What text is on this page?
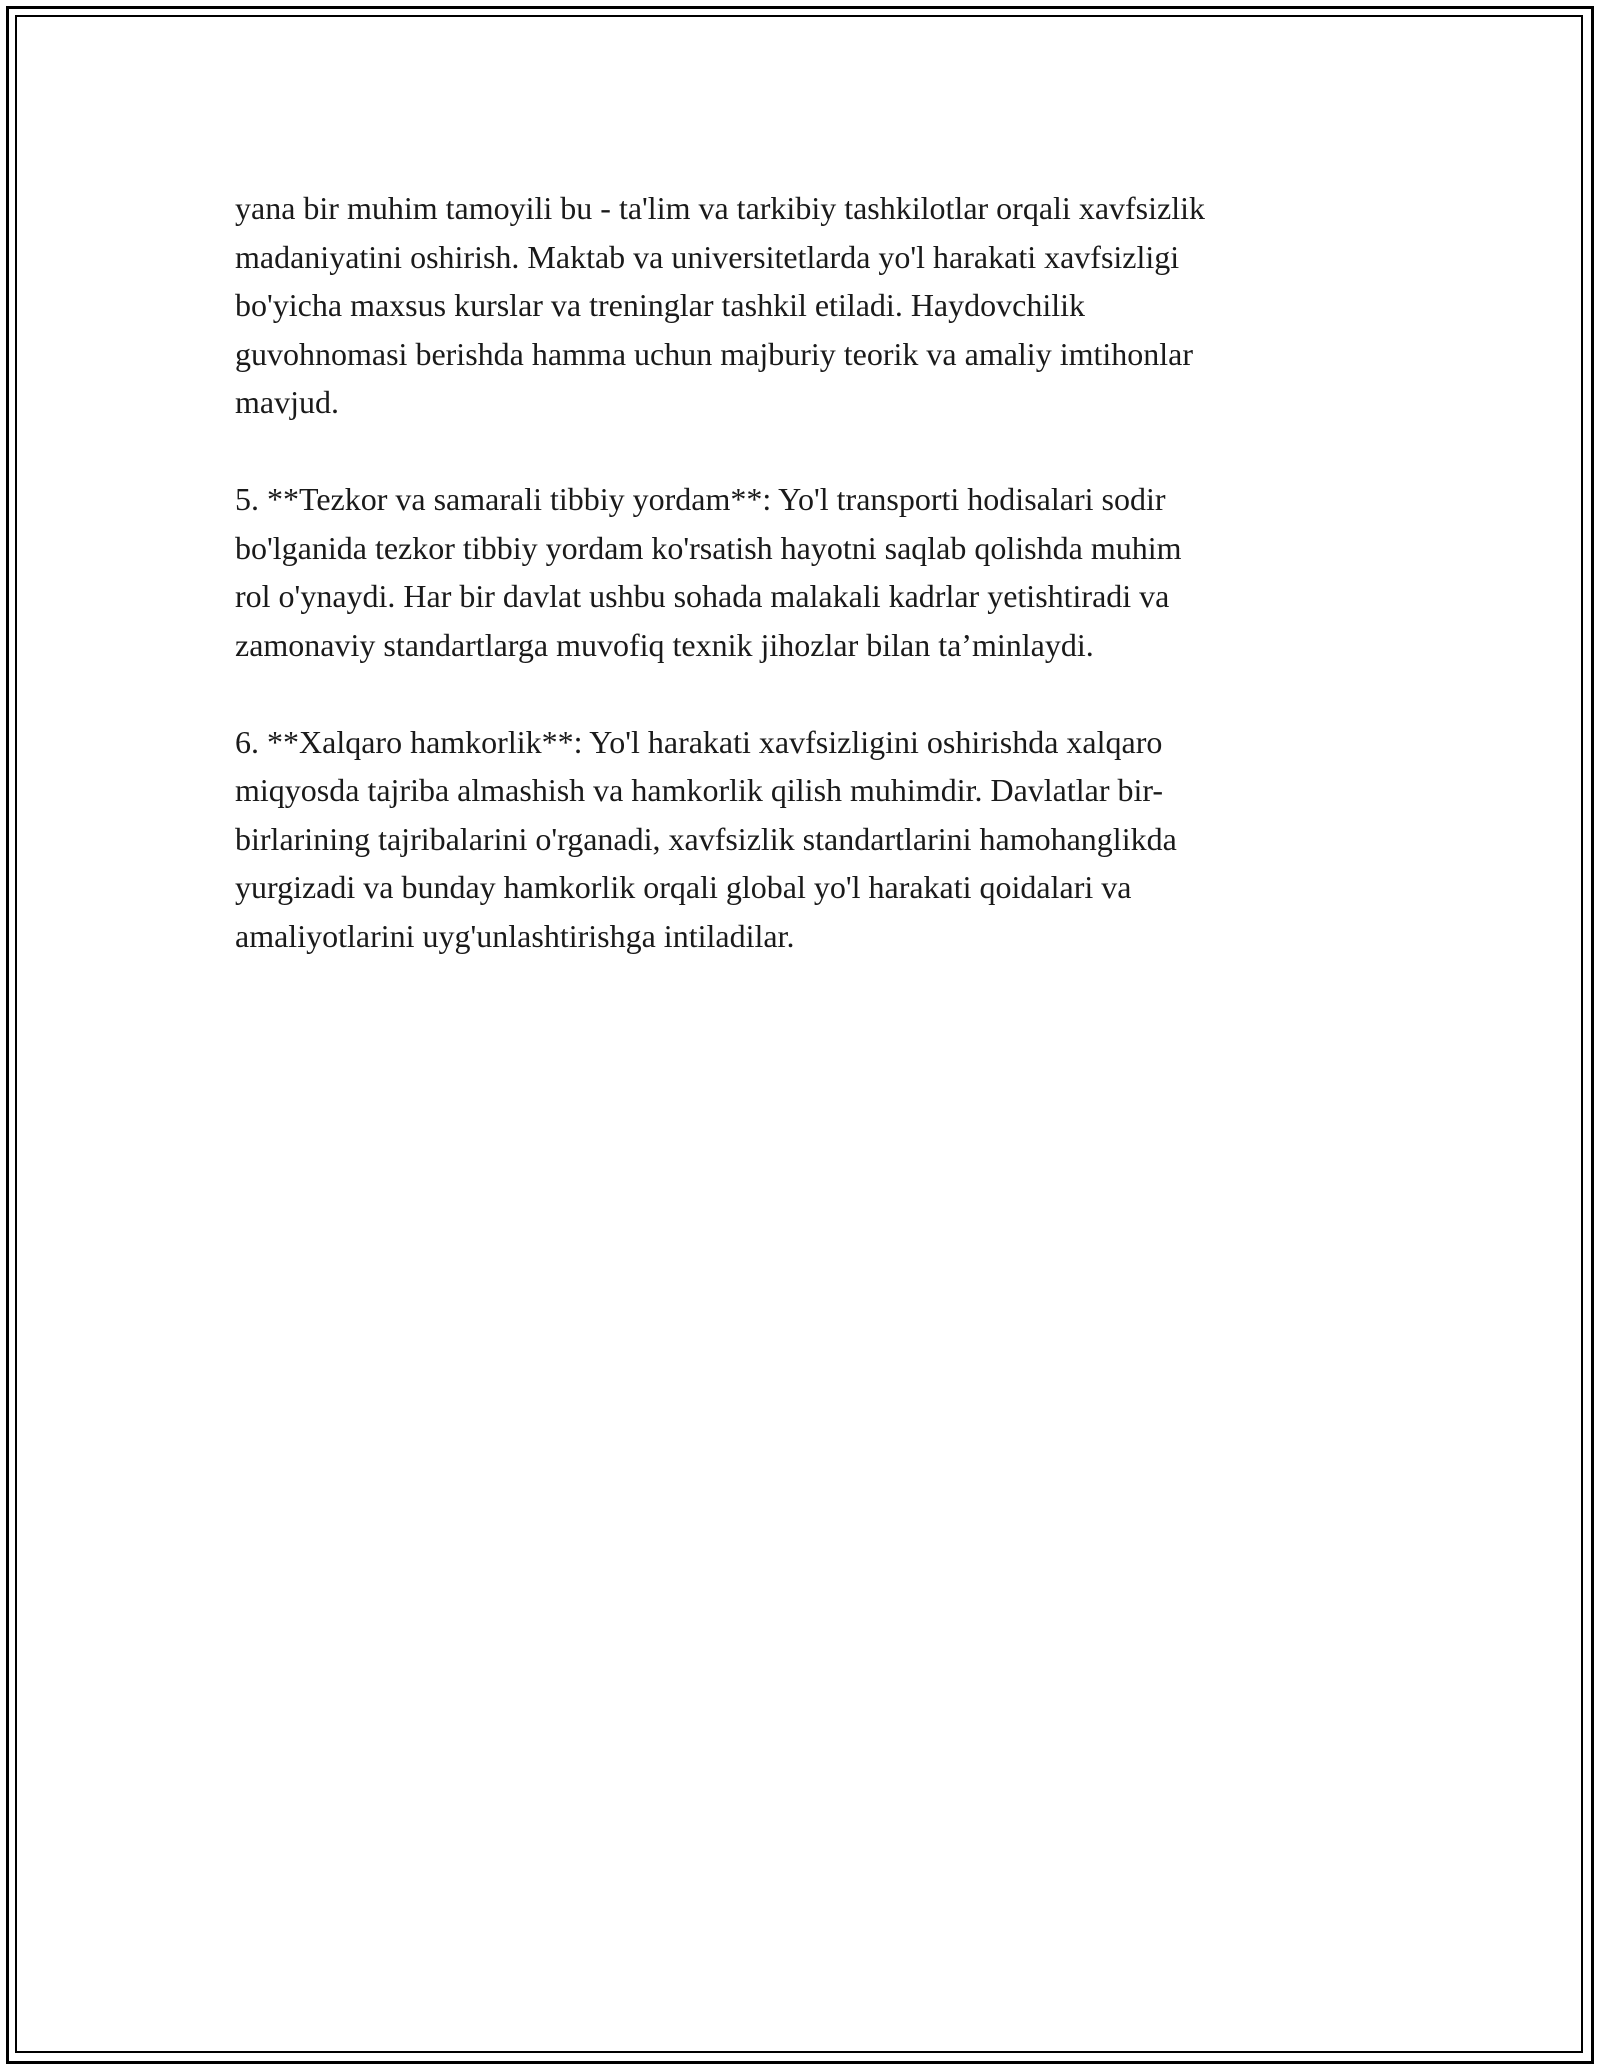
yana bir muhim tamoyili bu - ta'lim va tarkibiy tashkilotlar orqali xavfsizlik
madaniyatini oshirish. Maktab va universitetlarda yo'l harakati xavfsizligi
bo'yicha maxsus kurslar va treninglar tashkil etiladi. Haydovchilik
guvohnomasi berishda hamma uchun majburiy teorik va amaliy imtihonlar
mavjud.

5. **Tezkor va samarali tibbiy yordam**: Yo'l transporti hodisalari sodir
bo'lganida tezkor tibbiy yordam ko'rsatish hayotni saqlab qolishda muhim
rol o'ynaydi. Har bir davlat ushbu sohada malakali kadrlar yetishtiradi va
zamonaviy standartlarga muvofiq texnik jihozlar bilan ta’minlaydi.

6. **Xalqaro hamkorlik**: Yo'l harakati xavfsizligini oshirishda xalqaro
miqyosda tajriba almashish va hamkorlik qilish muhimdir. Davlatlar bir-
birlarining tajribalarini o'rganadi, xavfsizlik standartlarini hamohanglikda
yurgizadi va bunday hamkorlik orqali global yo'l harakati qoidalari va
amaliyotlarini uyg'unlashtirishga intiladilar.
